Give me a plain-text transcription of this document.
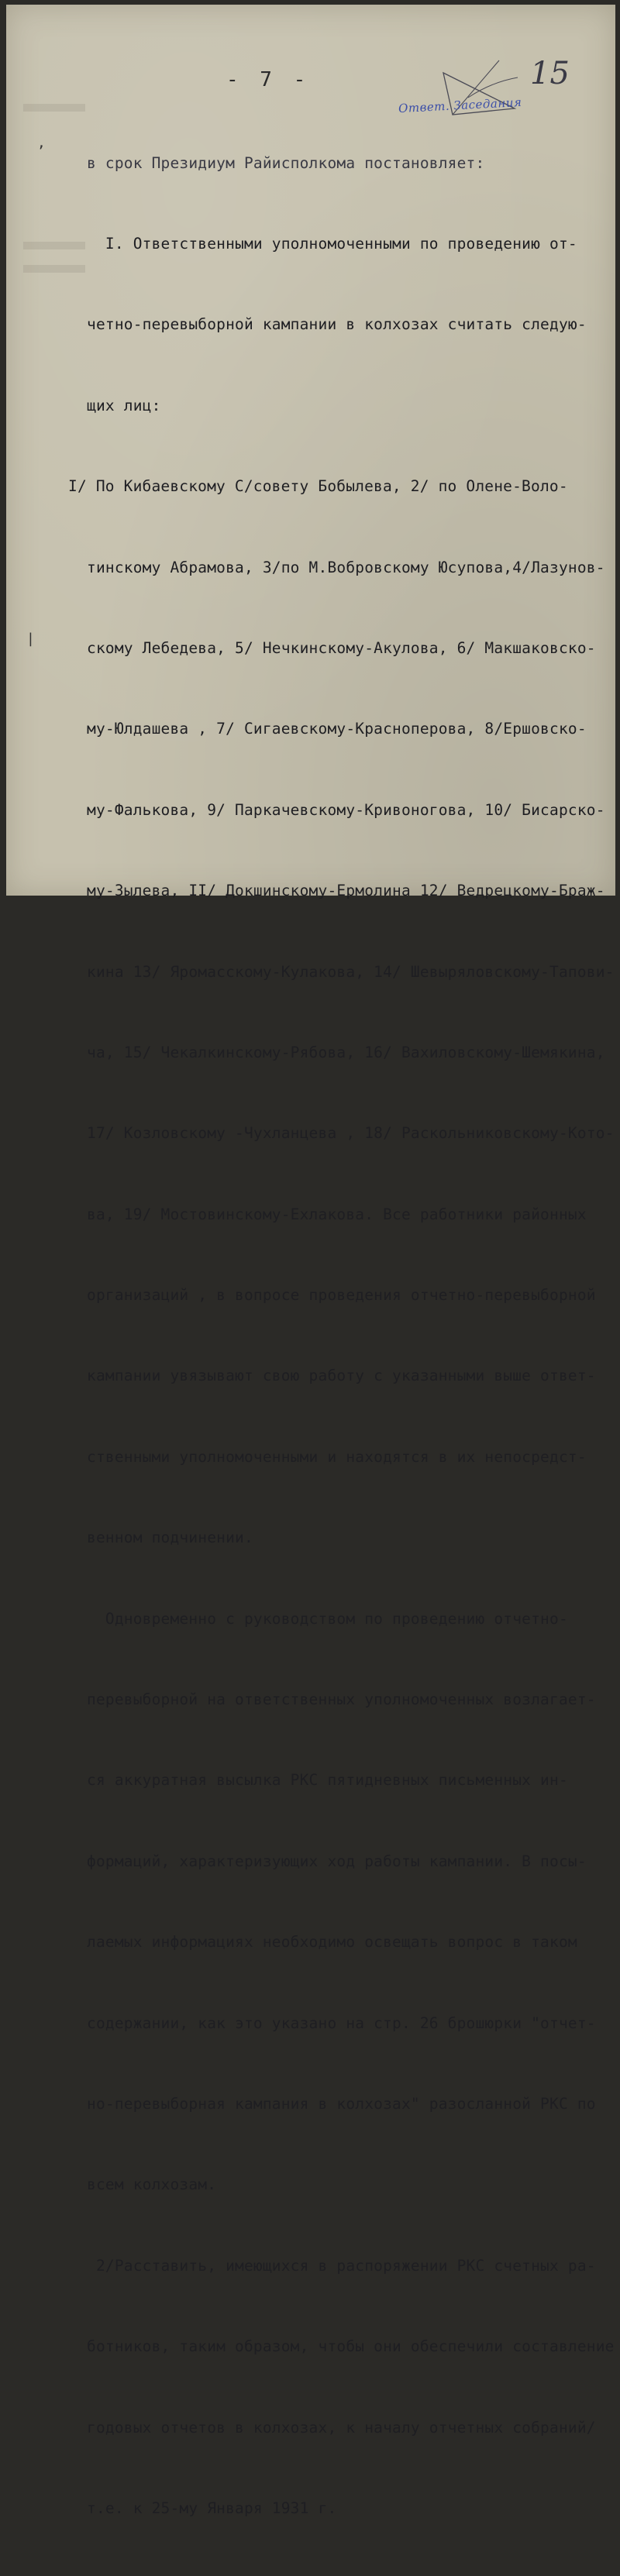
- 7 -	15
Ответ. Заседания
,
|

в срок Президиум Райисполкома постановляет:

I. Ответственными уполномоченными по проведению от-

четно-перевыборной кампании в колхозах считать следую-

щих лиц:

I/ По Кибаевскому С/совету Бобылева, 2/ по Олене-Воло-

тинскому Абрамова, 3/по М.Вобровскому Юсупова,4/Лазунов-

скому Лебедева, 5/ Нечкинскому-Акулова, 6/ Макшаковско-

му-Юлдашева , 7/ Сигаевскому-Красноперова, 8/Ершовско-

му-Фалькова, 9/ Паркачевскому-Кривоногова, 10/ Бисарско-

му-Зылева, II/ Докшинскому-Ермолина 12/ Ведрецкому-Браж-

кина 13/ Яромасскому-Кулакова, 14/ Шевыряловскому-Тапови-

ча, 15/ Чекалкинскому-Рябова, 16/ Вахиловскому-Шемякина,

17/ Козловскому -Чухланцева , 18/ Раскольниковскому-Кото-

ва, 19/ Мостовинскому-Ехлакова. Все работники районных

организаций , в вопросе проведения отчетно-перевыборной

кампании увязывают свою работу с указанными выше ответ-

ственными уполномоченными и находятся в их непосредст-

венном подчинении.

Одновременно с руководством по проведению отчетно-

перевыборной на ответственных уполномоченных возлагает-

ся аккуратная высылка РКС пятидневных письменных ин-

формаций, характеризующих ход работы кампании. В посы-

лаемых информациях необходимо освещать вопрос в таком

содержании, как это указано на стр. 26 брошюрки "отчет-

но-перевыборная кампания в колхозах" разосланной РКС по

всем колхозам.

2/Расставить, имеющихся в распоряжении РКС счетных ра-

ботников, таким образом, чтобы они обеспечили составление

годовых отчетов в колхозах, к началу отчетных собраний/

т.е. к 25-му Января 1931 г.
